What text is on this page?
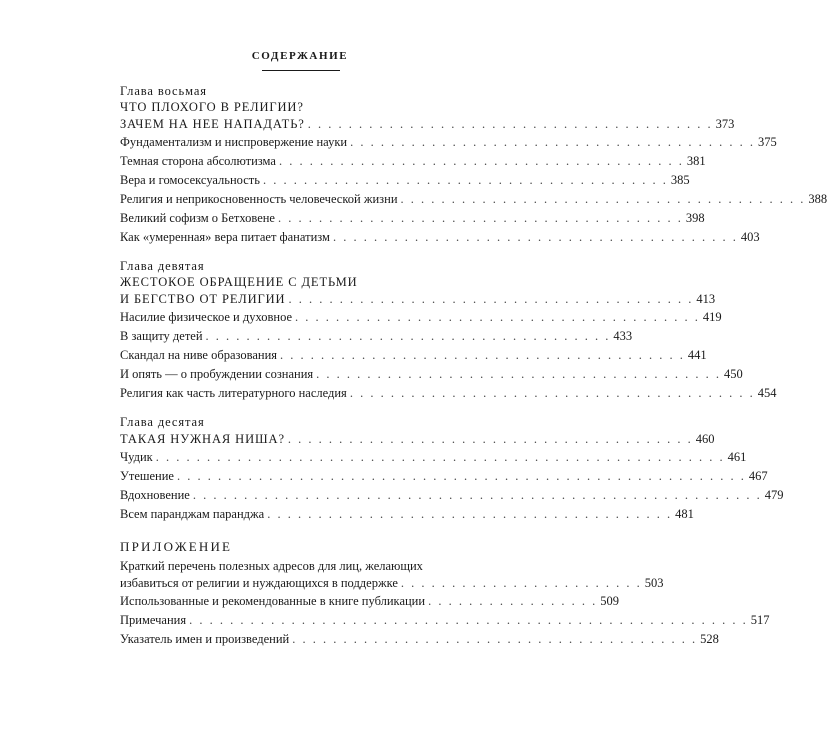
СОДЕРЖАНИЕ
Глава восьмая
ЧТО ПЛОХОГО В РЕЛИГИИ?
ЗАЧЕМ НА НЕЕ НАПАДАТЬ? . . . . . . . . . . . . . . . . . . . . . . . . . . . . . . . . . . . . . . . . 373
Фундаментализм и ниспровержение науки . . . . . . . . . . . . . . . . . . . . . . . . . . . . . . . . . . . . . . . . 375
Темная сторона абсолютизма . . . . . . . . . . . . . . . . . . . . . . . . . . . . . . . . . . . . . . . . 381
Вера и гомосексуальность . . . . . . . . . . . . . . . . . . . . . . . . . . . . . . . . . . . . . . . . 385
Религия и неприкосновенность человеческой жизни . . . . . . . . . . . . . . . . . . . . . . . . . . . . . . . . . . . . . . . . 388
Великий софизм о Бетховене . . . . . . . . . . . . . . . . . . . . . . . . . . . . . . . . . . . . . . . . 398
Как «умеренная» вера питает фанатизм . . . . . . . . . . . . . . . . . . . . . . . . . . . . . . . . . . . . . . . . 403
Глава девятая
ЖЕСТОКОЕ ОБРАЩЕНИЕ С ДЕТЬМИ
И БЕГСТВО ОТ РЕЛИГИИ . . . . . . . . . . . . . . . . . . . . . . . . . . . . . . . . . . . . . . . . 413
Насилие физическое и духовное . . . . . . . . . . . . . . . . . . . . . . . . . . . . . . . . . . . . . . . . 419
В защиту детей . . . . . . . . . . . . . . . . . . . . . . . . . . . . . . . . . . . . . . . . 433
Скандал на ниве образования . . . . . . . . . . . . . . . . . . . . . . . . . . . . . . . . . . . . . . . . 441
И опять — о пробуждении сознания . . . . . . . . . . . . . . . . . . . . . . . . . . . . . . . . . . . . . . . . 450
Религия как часть литературного наследия . . . . . . . . . . . . . . . . . . . . . . . . . . . . . . . . . . . . . . . . 454
Глава десятая
ТАКАЯ НУЖНАЯ НИША? . . . . . . . . . . . . . . . . . . . . . . . . . . . . . . . . . . . . . . . . 460
Чудик . . . . . . . . . . . . . . . . . . . . . . . . . . . . . . . . . . . . . . . . . . . . . . . . . . . . . . . . 461
Утешение . . . . . . . . . . . . . . . . . . . . . . . . . . . . . . . . . . . . . . . . . . . . . . . . . . . . . . . . 467
Вдохновение . . . . . . . . . . . . . . . . . . . . . . . . . . . . . . . . . . . . . . . . . . . . . . . . . . . . . . . . 479
Всем паранджам паранджа . . . . . . . . . . . . . . . . . . . . . . . . . . . . . . . . . . . . . . . . 481
ПРИЛОЖЕНИЕ
Краткий перечень полезных адресов для лиц, желающих
избавиться от религии и нуждающихся в поддержке . . . . . . . . . . . . . . . . . . . . . . . . 503
Использованные и рекомендованные в книге публикации . . . . . . . . . . . . . . . . . 509
Примечания . . . . . . . . . . . . . . . . . . . . . . . . . . . . . . . . . . . . . . . . . . . . . . . . . . . . . . . 517
Указатель имен и произведений . . . . . . . . . . . . . . . . . . . . . . . . . . . . . . . . . . . . . . . . 528
